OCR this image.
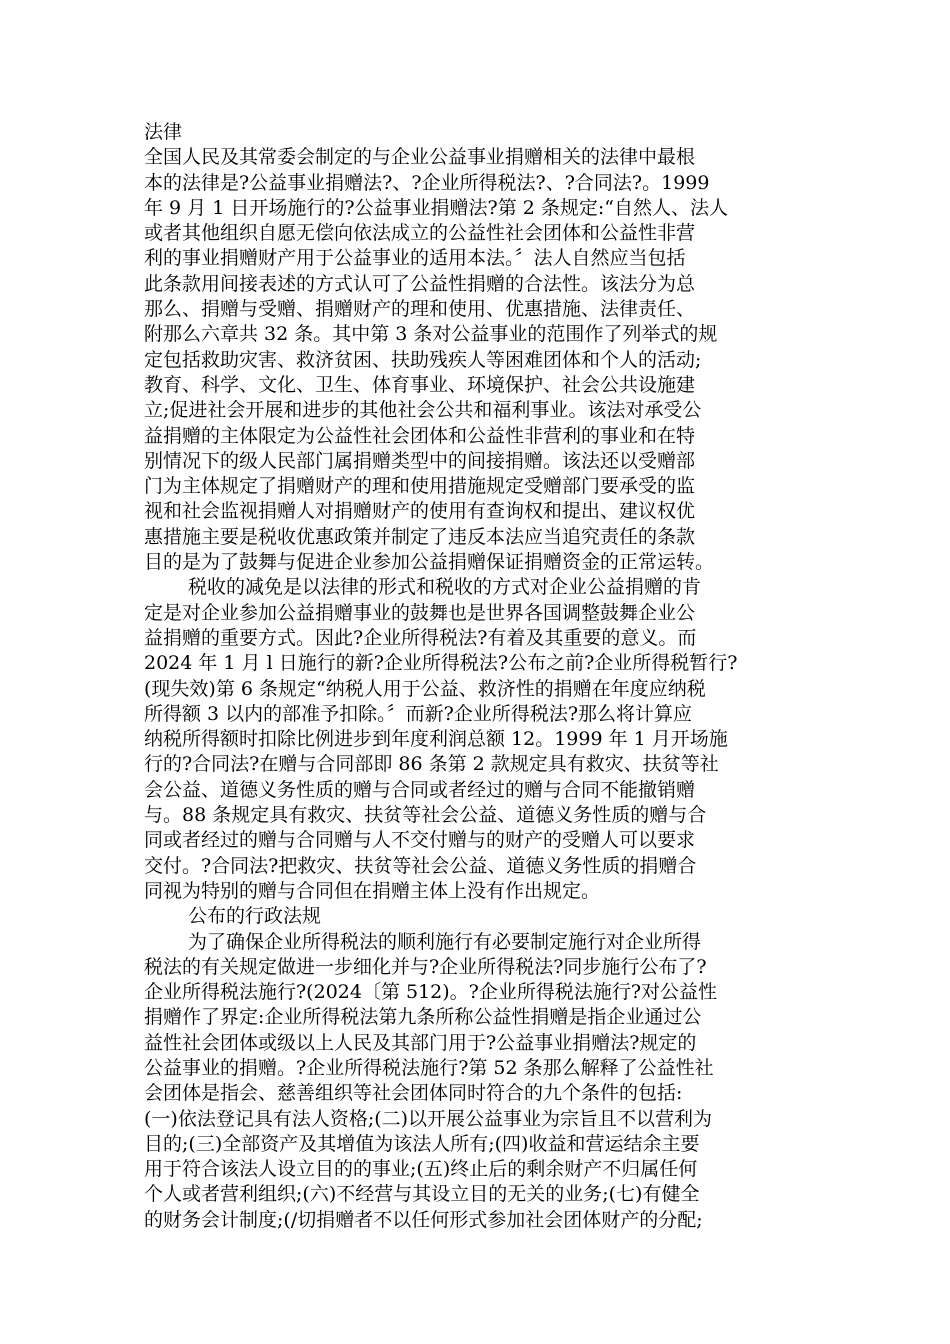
法律
全国人民及其常委会制定的与企业公益事业捐赠相关的法律中最根
本的法律是?公益事业捐赠法?、?企业所得税法?、?合同法?。1999
年 9 月 1 日开场施行的?公益事业捐赠法?第 2 条规定:“自然人、法人
或者其他组织自愿无偿向依法成立的公益性社会团体和公益性非营
利的事业捐赠财产用于公益事业的适用本法。〞法人自然应当包括
此条款用间接表述的方式认可了公益性捐赠的合法性。该法分为总
那么、捐赠与受赠、捐赠财产的理和使用、优惠措施、法律责任、
附那么六章共 32 条。其中第 3 条对公益事业的范围作了列举式的规
定包括救助灾害、救济贫困、扶助残疾人等困难团体和个人的活动;
教育、科学、文化、卫生、体育事业、环境保护、社会公共设施建
立;促进社会开展和进步的其他社会公共和福利事业。该法对承受公
益捐赠的主体限定为公益性社会团体和公益性非营利的事业和在特
别情况下的级人民部门属捐赠类型中的间接捐赠。该法还以受赠部
门为主体规定了捐赠财产的理和使用措施规定受赠部门要承受的监
视和社会监视捐赠人对捐赠财产的使用有查询权和提出、建议权优
惠措施主要是税收优惠政策并制定了违反本法应当追究责任的条款
目的是为了鼓舞与促进企业参加公益捐赠保证捐赠资金的正常运转。
税收的减免是以法律的形式和税收的方式对企业公益捐赠的肯
定是对企业参加公益捐赠事业的鼓舞也是世界各国调整鼓舞企业公
益捐赠的重要方式。因此?企业所得税法?有着及其重要的意义。而
2024 年 1 月 l 日施行的新?企业所得税法?公布之前?企业所得税暂行?
(现失效)第 6 条规定“纳税人用于公益、救济性的捐赠在年度应纳税
所得额 3 以内的部准予扣除。〞而新?企业所得税法?那么将计算应
纳税所得额时扣除比例进步到年度利润总额 12。1999 年 1 月开场施
行的?合同法?在赠与合同部即 86 条第 2 款规定具有救灾、扶贫等社
会公益、道德义务性质的赠与合同或者经过的赠与合同不能撤销赠
与。88 条规定具有救灾、扶贫等社会公益、道德义务性质的赠与合
同或者经过的赠与合同赠与人不交付赠与的财产的受赠人可以要求
交付。?合同法?把救灾、扶贫等社会公益、道德义务性质的捐赠合
同视为特别的赠与合同但在捐赠主体上没有作出规定。
公布的行政法规
为了确保企业所得税法的顺利施行有必要制定施行对企业所得
税法的有关规定做进一步细化并与?企业所得税法?同步施行公布了?
企业所得税法施行?(2024〔第 512)。?企业所得税法施行?对公益性
捐赠作了界定:企业所得税法第九条所称公益性捐赠是指企业通过公
益性社会团体或级以上人民及其部门用于?公益事业捐赠法?规定的
公益事业的捐赠。?企业所得税法施行?第 52 条那么解释了公益性社
会团体是指会、慈善组织等社会团体同时符合的九个条件的包括:
(一)依法登记具有法人资格;(二)以开展公益事业为宗旨且不以营利为
目的;(三)全部资产及其增值为该法人所有;(四)收益和营运结余主要
用于符合该法人设立目的的事业;(五)终止后的剩余财产不归属任何
个人或者营利组织;(六)不经营与其设立目的无关的业务;(七)有健全
的财务会计制度;(/切捐赠者不以任何形式参加社会团体财产的分配;
